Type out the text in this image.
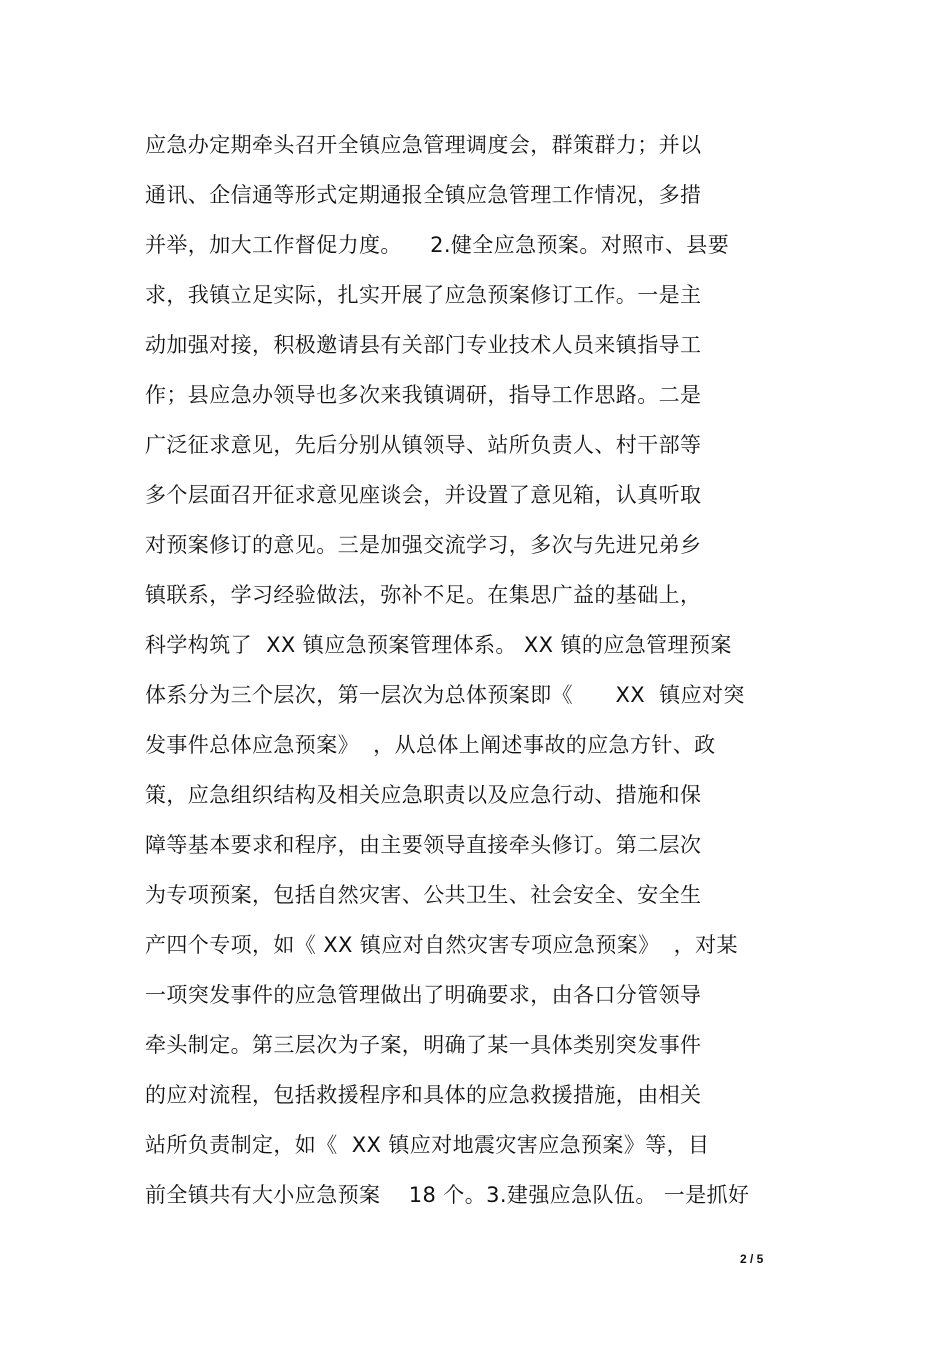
应急办定期牵头召开全镇应急管理调度会，群策群力；并以
通讯、企信通等形式定期通报全镇应急管理工作情况，多措
并举，加大工作督促力度。    2.健全应急预案。对照市、县要
求，我镇立足实际，扎实开展了应急预案修订工作。一是主
动加强对接，积极邀请县有关部门专业技术人员来镇指导工
作；县应急办领导也多次来我镇调研，指导工作思路。二是
广泛征求意见，先后分别从镇领导、站所负责人、村干部等
多个层面召开征求意见座谈会，并设置了意见箱，认真听取
对预案修订的意见。三是加强交流学习，多次与先进兄弟乡
镇联系，学习经验做法，弥补不足。在集思广益的基础上，
科学构筑了  XX 镇应急预案管理体系。 XX 镇的应急管理预案
体系分为三个层次，第一层次为总体预案即《      XX  镇应对突
发事件总体应急预案》  ，从总体上阐述事故的应急方针、政
策，应急组织结构及相关应急职责以及应急行动、措施和保
障等基本要求和程序，由主要领导直接牵头修订。第二层次
为专项预案，包括自然灾害、公共卫生、社会安全、安全生
产四个专项，如《 XX 镇应对自然灾害专项应急预案》  ，对某
一项突发事件的应急管理做出了明确要求，由各口分管领导
牵头制定。第三层次为子案，明确了某一具体类别突发事件
的应对流程，包括救援程序和具体的应急救援措施，由相关
站所负责制定，如《  XX 镇应对地震灾害应急预案》等，目
前全镇共有大小应急预案    18 个。3.建强应急队伍。 一是抓好
2 / 5
